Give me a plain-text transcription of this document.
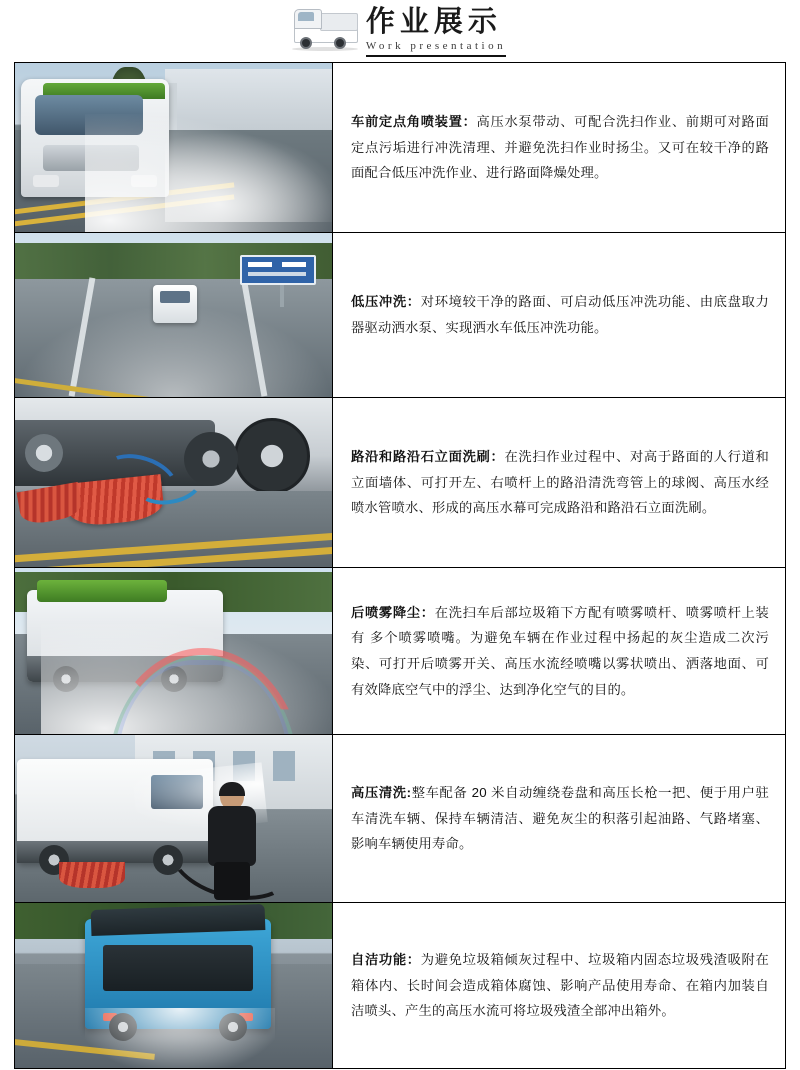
作业展示
Work presentation
车前定点角喷装置：高压水泵带动、可配合洗扫作业、前期可对路面定点污垢进行冲洗清理、并避免洗扫作业时扬尘。又可在较干净的路面配合低压冲洗作业、进行路面降燥处理。
低压冲洗：对环境较干净的路面、可启动低压冲洗功能、由底盘取力器驱动洒水泵、实现洒水车低压冲洗功能。
路沿和路沿石立面洗刷：在洗扫作业过程中、对高于路面的人行道和立面墙体、可打开左、右喷杆上的路沿清洗弯管上的球阀、高压水经喷水管喷水、形成的高压水幕可完成路沿和路沿石立面洗刷。
后喷雾降尘：在洗扫车后部垃圾箱下方配有喷雾喷杆、喷雾喷杆上装有 多个喷雾喷嘴。为避免车辆在作业过程中扬起的灰尘造成二次污染、可打开后喷雾开关、高压水流经喷嘴以雾状喷出、洒落地面、可有效降底空气中的浮尘、达到净化空气的目的。
高压清洗:整车配备 20 米自动缠绕卷盘和高压长枪一把、便于用户驻车清洗车辆、保持车辆清洁、避免灰尘的积落引起油路、气路堵塞、影响车辆使用寿命。
自洁功能：为避免垃圾箱倾灰过程中、垃圾箱内固态垃圾残渣吸附在箱体内、长时间会造成箱体腐蚀、影响产品使用寿命、在箱内加装自洁喷头、产生的高压水流可将垃圾残渣全部冲出箱外。
